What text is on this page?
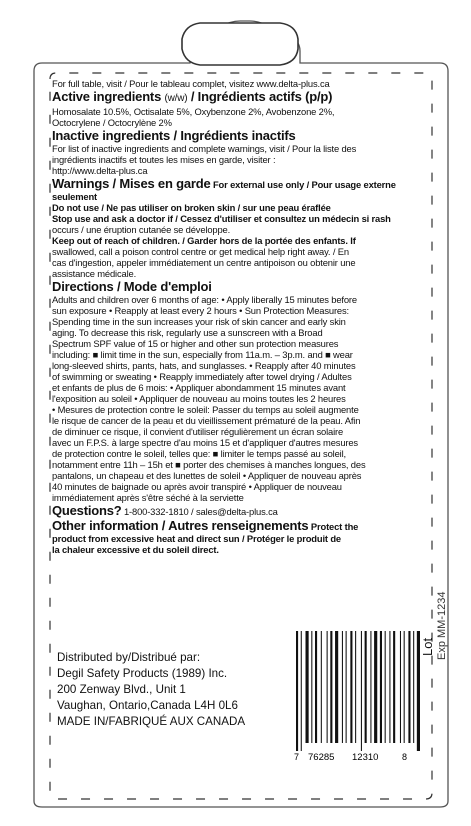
For full table, visit / Pour le tableau complet, visitez www.delta-plus.ca

Active ingredients (w/w) / Ingrédients actifs (p/p)

Homosalate 10.5%, Octisalate 5%, Oxybenzone 2%, Avobenzone 2%,

Octocrylene / Octocrylène 2%

Inactive ingredients / Ingrédients inactifs

For list of inactive ingredients and complete warnings, visit / Pour la liste des

ingrédients inactifs et toutes les mises en garde, visiter :

http://www.delta-plus.ca

Warnings / Mises en garde For external use only / Pour usage externe

seulement

Do not use / Ne pas utiliser on broken skin / sur une peau éraflée

Stop use and ask a doctor if / Cessez d'utiliser et consultez un médecin si rash

occurs / une éruption cutanée se développe.

Keep out of reach of children. / Garder hors de la portée des enfants. If

swallowed, call a poison control centre or get medical help right away. / En

cas d'ingestion, appeler immédiatement un centre antipoison ou obtenir une

assistance médicale.

Directions / Mode d'emploi

Adults and children over 6 months of age: • Apply liberally 15 minutes before

sun exposure • Reapply at least every 2 hours • Sun Protection Measures:

Spending time in the sun increases your risk of skin cancer and early skin

aging. To decrease this risk, regularly use a sunscreen with a Broad

Spectrum SPF value of 15 or higher and other sun protection measures

including: ■ limit time in the sun, especially from 11a.m. – 3p.m. and ■ wear

long-sleeved shirts, pants, hats, and sunglasses. • Reapply after 40 minutes

of swimming or sweating • Reapply immediately after towel drying / Adultes

et enfants de plus de 6 mois: • Appliquer abondamment 15 minutes avant

l'exposition au soleil • Appliquer de nouveau au moins toutes les 2 heures

• Mesures de protection contre le soleil: Passer du temps au soleil augmente

le risque de cancer de la peau et du vieillissement prématuré de la peau. Afin

de diminuer ce risque, il convient d'utiliser régulièrement un écran solaire

avec un F.P.S. à large spectre d'au moins 15 et d'appliquer d'autres mesures

de protection contre le soleil, telles que: ■ limiter le temps passé au soleil,

notamment entre 11h – 15h et ■ porter des chemises à manches longues, des

pantalons, un chapeau et des lunettes de soleil • Appliquer de nouveau après

40 minutes de baignade ou après avoir transpiré • Appliquer de nouveau

immédiatement après s'être séché à la serviette

Questions? 1-800-332-1810 / sales@delta-plus.ca
Other information / Autres renseignements Protect the

product from excessive heat and direct sun / Protéger le produit de

la chaleur excessive et du soleil direct.

Distributed by/Distribué par:
Degil Safety Products (1989) Inc.
200 Zenway Blvd., Unit 1
Vaughan, Ontario,Canada L4H 0L6
MADE IN/FABRIQUÉ AUX CANADA
7 76285 12310	8
Lot Exp MM-1234
